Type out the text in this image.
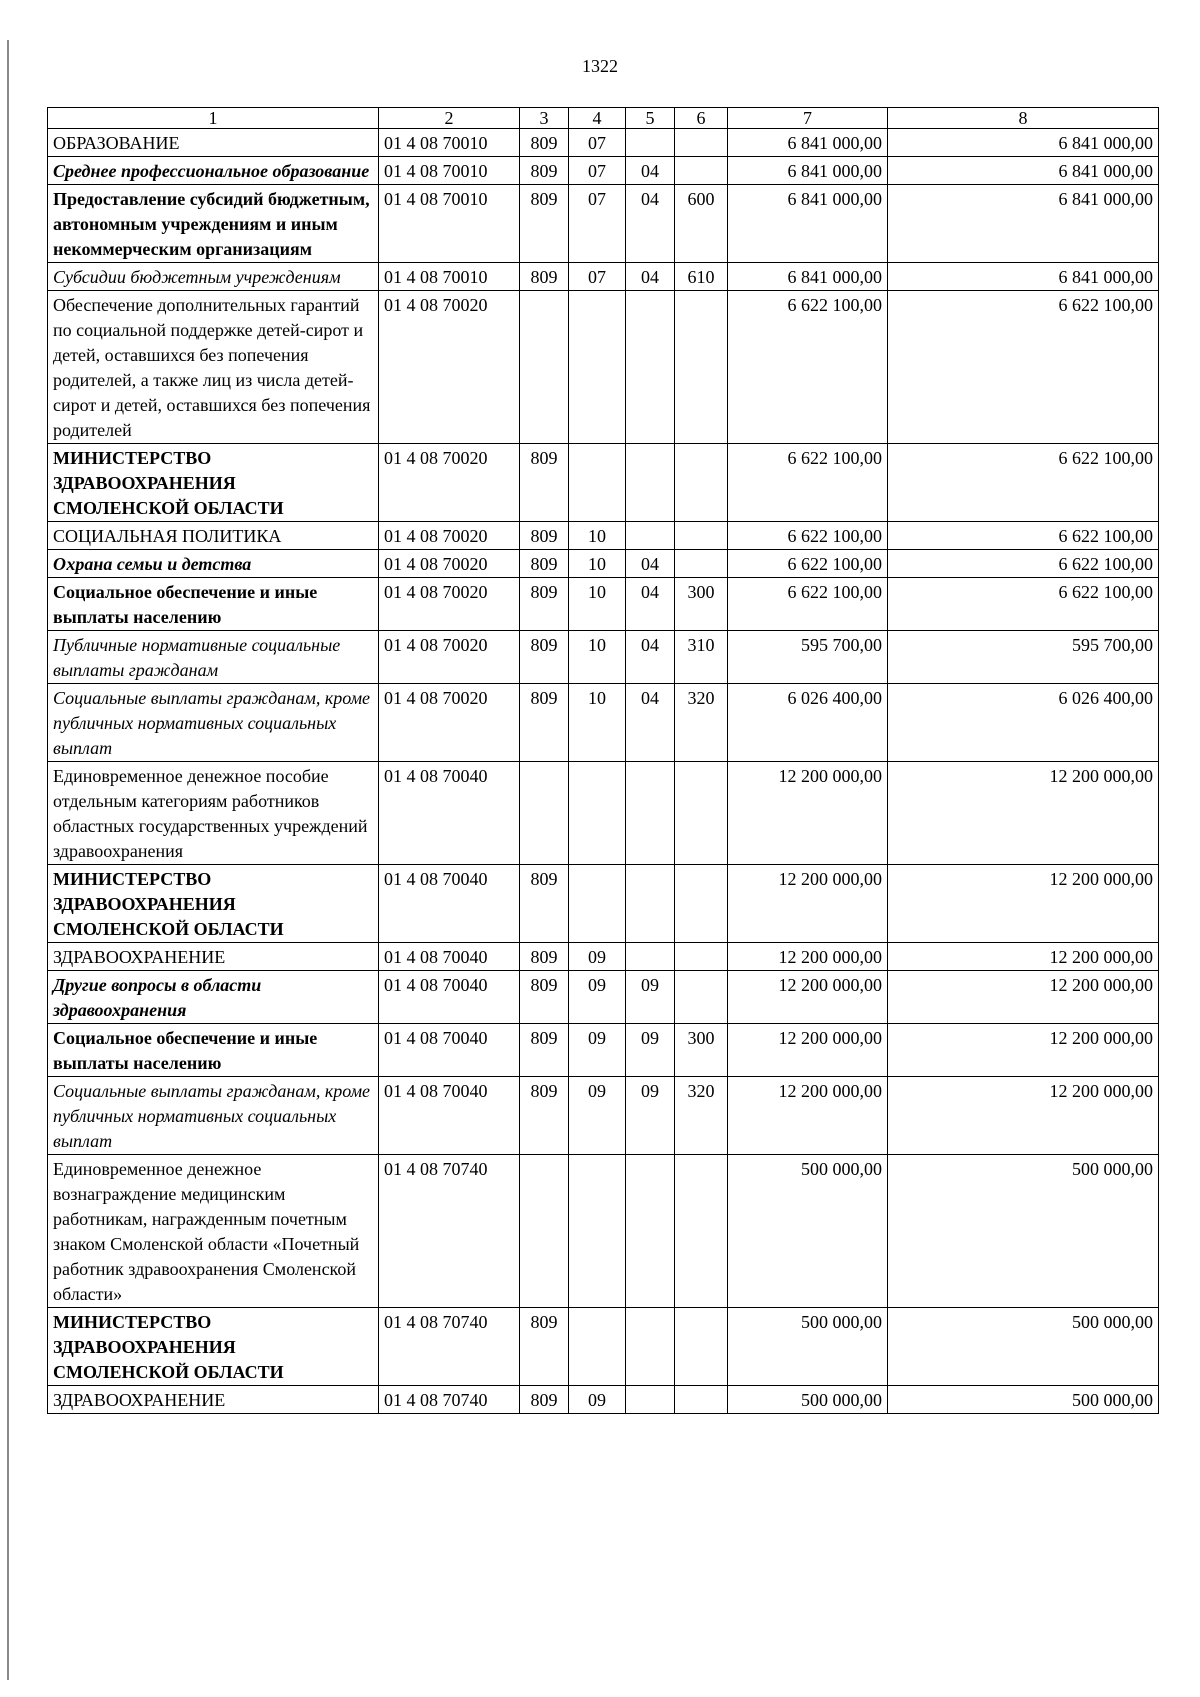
1322
1	2	3	4	5	6	7	8
ОБРАЗОВАНИЕ	01 4 08 70010	809	07			6 841 000,00	6 841 000,00
Среднее профессиональное образование	01 4 08 70010	809	07	04		6 841 000,00	6 841 000,00
Предоставление субсидий бюджетным, автономным учреждениям и иным некоммерческим организациям	01 4 08 70010	809	07	04	600	6 841 000,00	6 841 000,00
Субсидии бюджетным учреждениям	01 4 08 70010	809	07	04	610	6 841 000,00	6 841 000,00
Обеспечение дополнительных гарантий по социальной поддержке детей-сирот и детей, оставшихся без попечения родителей, а также лиц из числа детей-сирот и детей, оставшихся без попечения родителей	01 4 08 70020					6 622 100,00	6 622 100,00
МИНИСТЕРСТВО ЗДРАВООХРАНЕНИЯ СМОЛЕНСКОЙ ОБЛАСТИ	01 4 08 70020	809				6 622 100,00	6 622 100,00
СОЦИАЛЬНАЯ ПОЛИТИКА	01 4 08 70020	809	10			6 622 100,00	6 622 100,00
Охрана семьи и детства	01 4 08 70020	809	10	04		6 622 100,00	6 622 100,00
Социальное обеспечение и иные выплаты населению	01 4 08 70020	809	10	04	300	6 622 100,00	6 622 100,00
Публичные нормативные социальные выплаты гражданам	01 4 08 70020	809	10	04	310	595 700,00	595 700,00
Социальные выплаты гражданам, кроме публичных нормативных социальных выплат	01 4 08 70020	809	10	04	320	6 026 400,00	6 026 400,00
Единовременное денежное пособие отдельным категориям работников областных государственных учреждений здравоохранения	01 4 08 70040					12 200 000,00	12 200 000,00
МИНИСТЕРСТВО ЗДРАВООХРАНЕНИЯ СМОЛЕНСКОЙ ОБЛАСТИ	01 4 08 70040	809				12 200 000,00	12 200 000,00
ЗДРАВООХРАНЕНИЕ	01 4 08 70040	809	09			12 200 000,00	12 200 000,00
Другие вопросы в области здравоохранения	01 4 08 70040	809	09	09		12 200 000,00	12 200 000,00
Социальное обеспечение и иные выплаты населению	01 4 08 70040	809	09	09	300	12 200 000,00	12 200 000,00
Социальные выплаты гражданам, кроме публичных нормативных социальных выплат	01 4 08 70040	809	09	09	320	12 200 000,00	12 200 000,00
Единовременное денежное вознаграждение медицинским работникам, награжденным почетным знаком Смоленской области «Почетный работник здравоохранения Смоленской области»	01 4 08 70740					500 000,00	500 000,00
МИНИСТЕРСТВО ЗДРАВООХРАНЕНИЯ СМОЛЕНСКОЙ ОБЛАСТИ	01 4 08 70740	809				500 000,00	500 000,00
ЗДРАВООХРАНЕНИЕ	01 4 08 70740	809	09			500 000,00	500 000,00
